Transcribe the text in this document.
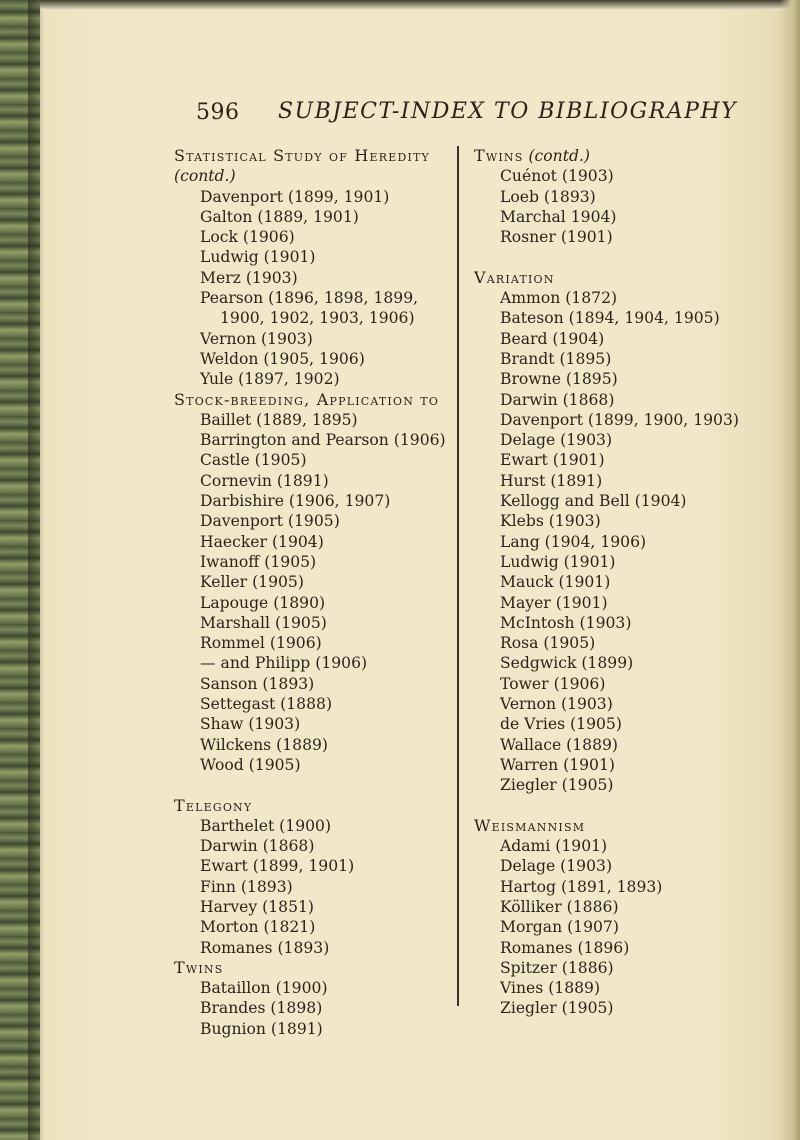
596 SUBJECT-INDEX TO BIBLIOGRAPHY
Statistical Study of Heredity
(contd.)
Davenport (1899, 1901)
Galton (1889, 1901)
Lock (1906)
Ludwig (1901)
Merz (1903)
Pearson (1896, 1898, 1899,
1900, 1902, 1903, 1906)
Vernon (1903)
Weldon (1905, 1906)
Yule (1897, 1902)
Stock-breeding, Application to
Baillet (1889, 1895)
Barrington and Pearson (1906)
Castle (1905)
Cornevin (1891)
Darbishire (1906, 1907)
Davenport (1905)
Haecker (1904)
Iwanoff (1905)
Keller (1905)
Lapouge (1890)
Marshall (1905)
Rommel (1906)
— and Philipp (1906)
Sanson (1893)
Settegast (1888)
Shaw (1903)
Wilckens (1889)
Wood (1905)
Telegony
Barthelet (1900)
Darwin (1868)
Ewart (1899, 1901)
Finn (1893)
Harvey (1851)
Morton (1821)
Romanes (1893)
Twins
Bataillon (1900)
Brandes (1898)
Bugnion (1891)
Twins (contd.)
Cuénot (1903)
Loeb (1893)
Marchal 1904)
Rosner (1901)
Variation
Ammon (1872)
Bateson (1894, 1904, 1905)
Beard (1904)
Brandt (1895)
Browne (1895)
Darwin (1868)
Davenport (1899, 1900, 1903)
Delage (1903)
Ewart (1901)
Hurst (1891)
Kellogg and Bell (1904)
Klebs (1903)
Lang (1904, 1906)
Ludwig (1901)
Mauck (1901)
Mayer (1901)
McIntosh (1903)
Rosa (1905)
Sedgwick (1899)
Tower (1906)
Vernon (1903)
de Vries (1905)
Wallace (1889)
Warren (1901)
Ziegler (1905)
Weismannism
Adami (1901)
Delage (1903)
Hartog (1891, 1893)
Kölliker (1886)
Morgan (1907)
Romanes (1896)
Spitzer (1886)
Vines (1889)
Ziegler (1905)
